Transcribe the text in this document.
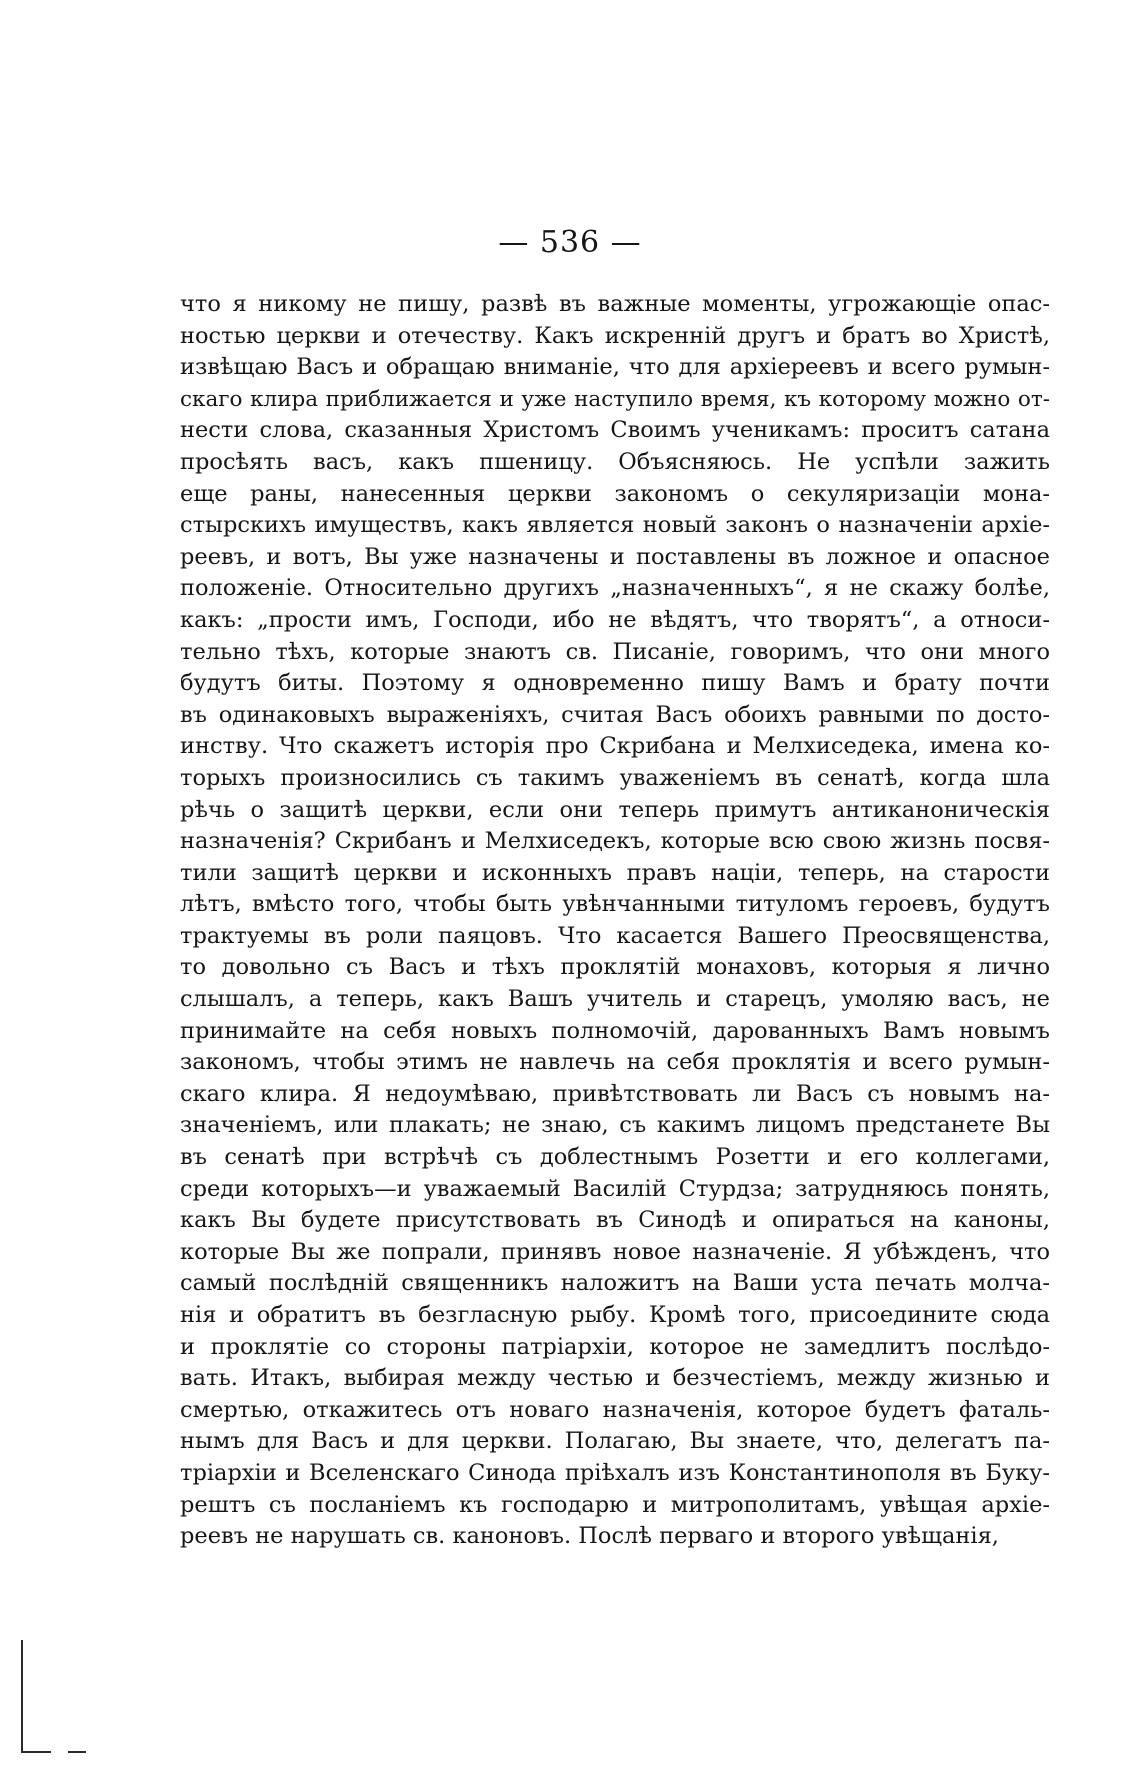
— 536 —
что я никому не пишу, развѣ въ важные моменты, угрожающіе опас-
ностью церкви и отечеству. Какъ искренній другъ и братъ во Христѣ,
извѣщаю Васъ и обращаю вниманіе, что для архіереевъ и всего румын-
скаго клира приближается и уже наступило время, къ которому можно от-
нести слова, сказанныя Христомъ Своимъ ученикамъ: проситъ сатана
просѣять васъ, какъ пшеницу. Объясняюсь. Не успѣли зажить
еще раны, нанесенныя церкви закономъ о секуляризаціи мона-
стырскихъ имуществъ, какъ является новый законъ о назначеніи архіе-
реевъ, и вотъ, Вы уже назначены и поставлены въ ложное и опасное
положеніе. Относительно другихъ „назначенныхъ“, я не скажу болѣе,
какъ: „прости имъ, Господи, ибо не вѣдятъ, что творятъ“, а относи-
тельно тѣхъ, которые знаютъ св. Писаніе, говоримъ, что они много
будутъ биты. Поэтому я одновременно пишу Вамъ и брату почти
въ одинаковыхъ выраженіяхъ, считая Васъ обоихъ равными по досто-
инству. Что скажетъ исторія про Скрибана и Мелхиседека, имена ко-
торыхъ произносились съ такимъ уваженіемъ въ сенатѣ, когда шла
рѣчь о защитѣ церкви, если они теперь примутъ антиканоническія
назначенія? Скрибанъ и Мелхиседекъ, которые всю свою жизнь посвя-
тили защитѣ церкви и исконныхъ правъ націи, теперь, на старости
лѣтъ, вмѣсто того, чтобы быть увѣнчанными титуломъ героевъ, будутъ
трактуемы въ роли паяцовъ. Что касается Вашего Преосвященства,
то довольно съ Васъ и тѣхъ проклятій монаховъ, которыя я лично
слышалъ, а теперь, какъ Вашъ учитель и старецъ, умоляю васъ, не
принимайте на себя новыхъ полномочій, дарованныхъ Вамъ новымъ
закономъ, чтобы этимъ не навлечь на себя проклятія и всего румын-
скаго клира. Я недоумѣваю, привѣтствовать ли Васъ съ новымъ на-
значеніемъ, или плакать; не знаю, съ какимъ лицомъ предстанете Вы
въ сенатѣ при встрѣчѣ съ доблестнымъ Розетти и его коллегами,
среди которыхъ—и уважаемый Василій Стурдза; затрудняюсь понять,
какъ Вы будете присутствовать въ Синодѣ и опираться на каноны,
которые Вы же попрали, принявъ новое назначеніе. Я убѣжденъ, что
самый послѣдній священникъ наложитъ на Ваши уста печать молча-
нія и обратитъ въ безгласную рыбу. Кромѣ того, присоедините сюда
и проклятіе со стороны патріархіи, которое не замедлитъ послѣдо-
вать. Итакъ, выбирая между честью и безчестіемъ, между жизнью и
смертью, откажитесь отъ новаго назначенія, которое будетъ фаталь-
нымъ для Васъ и для церкви. Полагаю, Вы знаете, что, делегатъ па-
тріархіи и Вселенскаго Синода пріѣхалъ изъ Константинополя въ Буку-
рештъ съ посланіемъ къ господарю и митрополитамъ, увѣщая архіе-
реевъ не нарушать св. каноновъ. Послѣ перваго и второго увѣщанія,
